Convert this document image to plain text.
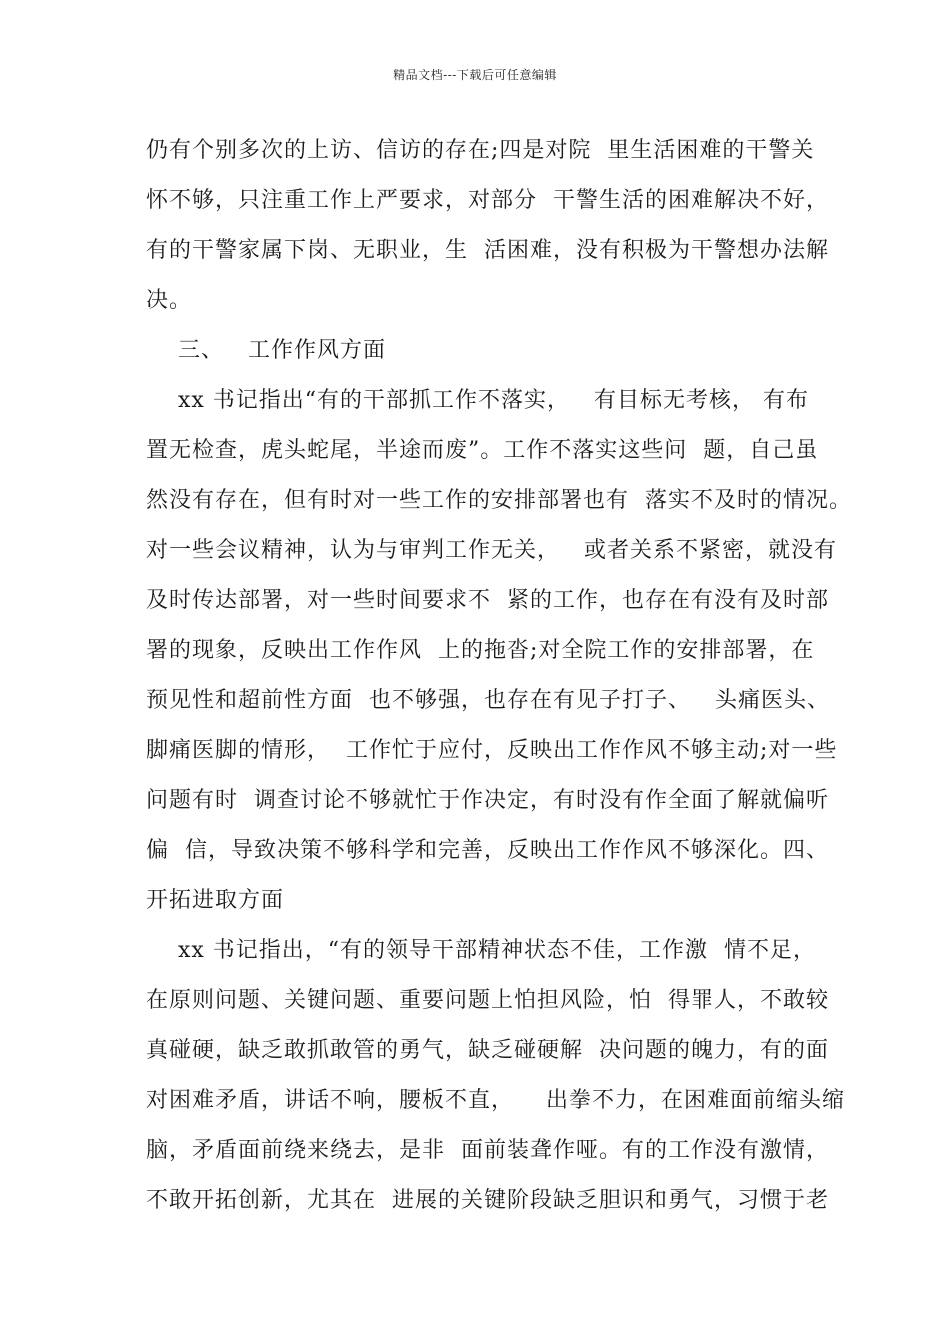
精品文档---下载后可任意编辑
仍有个别多次的上访、信访的存在;四是对院  里生活困难的干警关
怀不够，只注重工作上严要求，对部分  干警生活的困难解决不好，
有的干警家属下岗、无职业，生  活困难，没有积极为干警想办法解
决。
三、   工作作风方面
xx 书记指出“有的干部抓工作不落实，   有目标无考核， 有布
置无检查，虎头蛇尾，半途而废”。工作不落实这些问  题，自己虽
然没有存在，但有时对一些工作的安排部署也有  落实不及时的情况。
对一些会议精神，认为与审判工作无关，   或者关系不紧密，就没有
及时传达部署，对一些时间要求不  紧的工作，也存在有没有及时部
署的现象，反映出工作作风  上的拖沓;对全院工作的安排部署，在
预见性和超前性方面  也不够强，也存在有见子打子、   头痛医头、
脚痛医脚的情形，  工作忙于应付，反映出工作作风不够主动;对一些
问题有时  调查讨论不够就忙于作决定，有时没有作全面了解就偏听
偏  信，导致决策不够科学和完善，反映出工作作风不够深化。四、
开拓进取方面
xx 书记指出，“有的领导干部精神状态不佳，工作激  情不足，
在原则问题、关键问题、重要问题上怕担风险，怕  得罪人，不敢较
真碰硬，缺乏敢抓敢管的勇气，缺乏碰硬解  决问题的魄力，有的面
对困难矛盾，讲话不响，腰板不直，    出拳不力，在困难面前缩头缩
脑，矛盾面前绕来绕去，是非  面前装聋作哑。有的工作没有激情，
不敢开拓创新，尤其在  进展的关键阶段缺乏胆识和勇气，习惯于老
